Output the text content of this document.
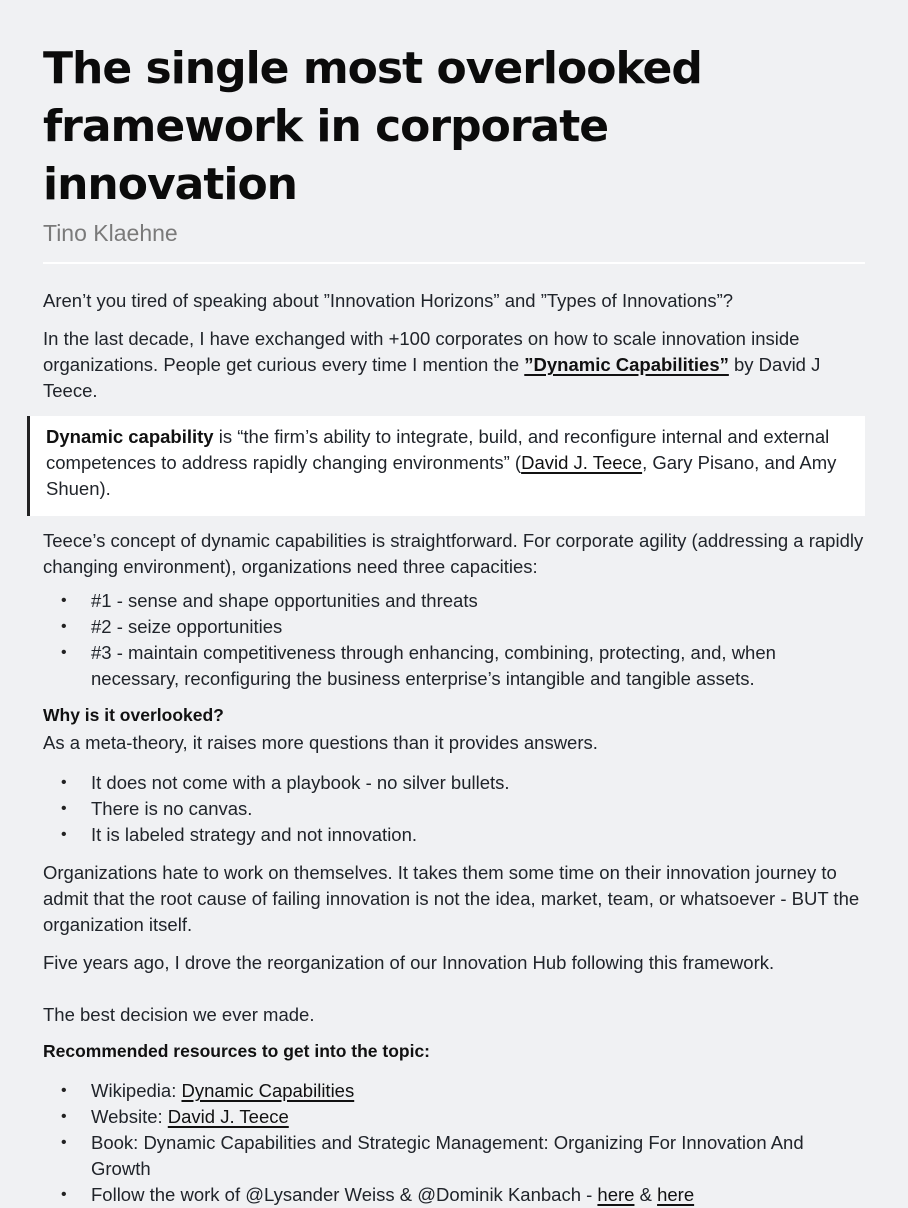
The single most overlooked framework in corporate innovation
Tino Klaehne

Aren’t you tired of speaking about ”Innovation Horizons” and ”Types of Innovations”?

In the last decade, I have exchanged with +100 corporates on how to scale innovation inside organizations. People get curious every time I mention the ”Dynamic Capabilities” by David J Teece.

Dynamic capability is “the firm’s ability to integrate, build, and reconfigure internal and external competences to address rapidly changing environments” (David J. Teece, Gary Pisano, and Amy Shuen).

Teece’s concept of dynamic capabilities is straightforward. For corporate agility (addressing a rapidly changing environment), organizations need three capacities:

• #1 - sense and shape opportunities and threats
• #2 - seize opportunities
• #3 - maintain competitiveness through enhancing, combining, protecting, and, when necessary, reconfiguring the business enterprise’s intangible and tangible assets.

Why is it overlooked?

As a meta-theory, it raises more questions than it provides answers.

• It does not come with a playbook - no silver bullets.
• There is no canvas.
• It is labeled strategy and not innovation.

Organizations hate to work on themselves. It takes them some time on their innovation journey to admit that the root cause of failing innovation is not the idea, market, team, or whatsoever - BUT the organization itself.

Five years ago, I drove the reorganization of our Innovation Hub following this framework.

The best decision we ever made.

Recommended resources to get into the topic:

• Wikipedia: Dynamic Capabilities
• Website: David J. Teece
• Book: Dynamic Capabilities and Strategic Management: Organizing For Innovation And Growth
• Follow the work of @Lysander Weiss & @Dominik Kanbach - here & here
